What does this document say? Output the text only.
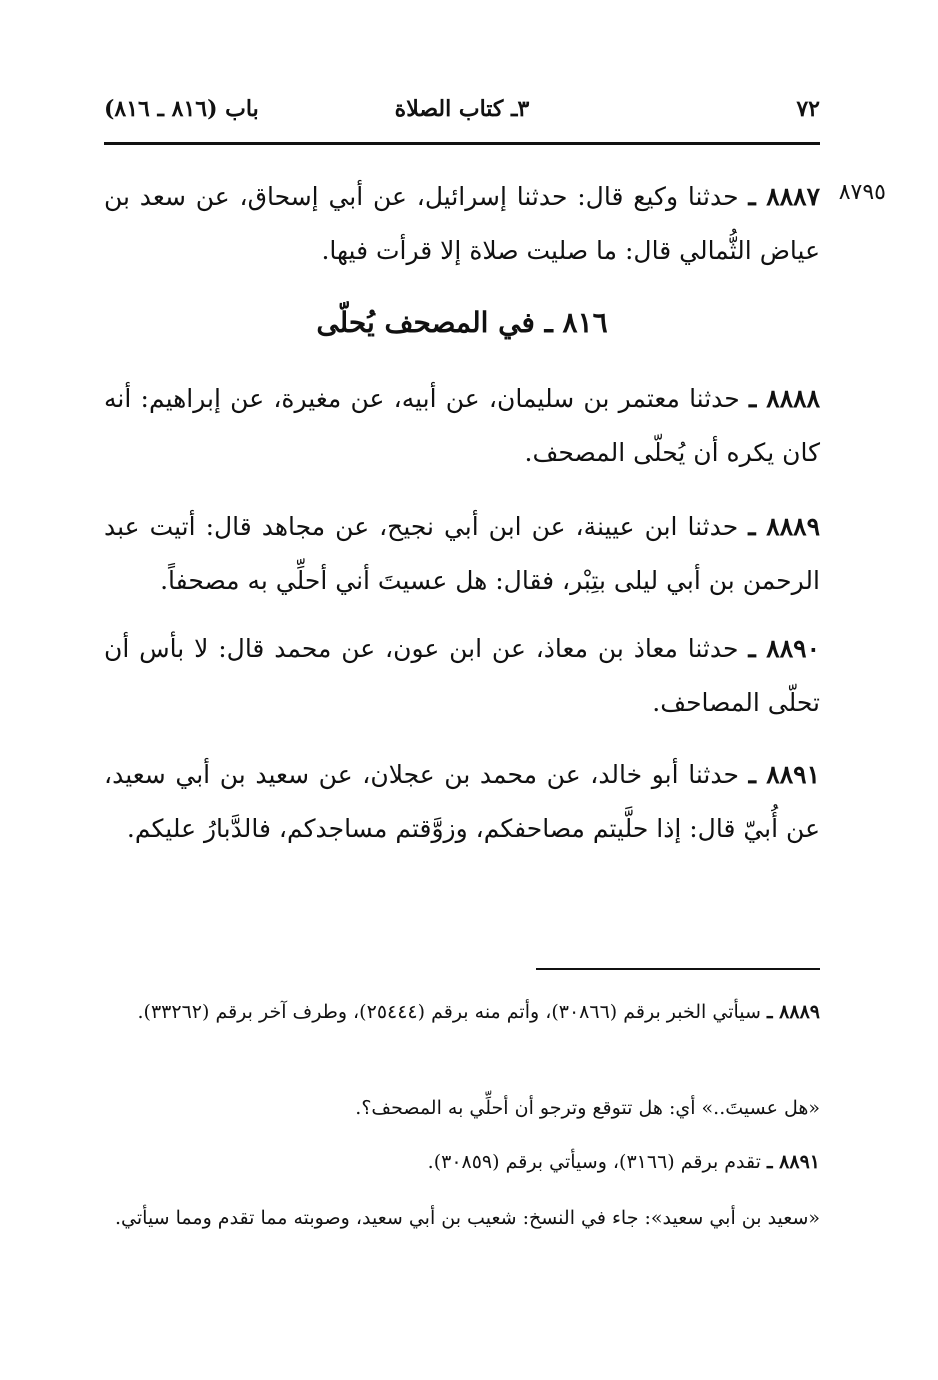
٧٢
٣ـ كتاب الصلاة
باب (٨١٦ ـ ٨١٦)
٨٧٩٥
٨٨٨٧ ـ حدثنا وكيع قال: حدثنا إسرائيل، عن أبي إسحاق، عن سعد بن عياض الثُّمالي قال: ما صليت صلاة إلا قرأت فيها.
٨١٦ ـ في المصحف يُحلّى
٨٨٨٨ ـ حدثنا معتمر بن سليمان، عن أبيه، عن مغيرة، عن إبراهيم: أنه كان يكره أن يُحلّى المصحف.
٨٨٨٩ ـ حدثنا ابن عيينة، عن ابن أبي نجيح، عن مجاهد قال: أتيت عبد الرحمن بن أبي ليلى بتِبْر، فقال: هل عسيتَ أني أحلِّي به مصحفاً.
٨٨٩٠ ـ حدثنا معاذ بن معاذ، عن ابن عون، عن محمد قال: لا بأس أن تحلّى المصاحف.
٨٨٩١ ـ حدثنا أبو خالد، عن محمد بن عجلان، عن سعيد بن أبي سعيد، عن أُبيّ قال: إذا حلَّيتم مصاحفكم، وزوَّقتم مساجدكم، فالدَّبارُ عليكم.
٨٨٨٩ ـ سيأتي الخبر برقم (٣٠٨٦٦)، وأتم منه برقم (٢٥٤٤٤)، وطرف آخر برقم (٣٣٢٦٢).
«هل عسيتَ..» أي: هل تتوقع وترجو أن أحلِّي به المصحف؟.
٨٨٩١ ـ تقدم برقم (٣١٦٦)، وسيأتي برقم (٣٠٨٥٩).
«سعيد بن أبي سعيد»: جاء في النسخ: شعيب بن أبي سعيد، وصوبته مما تقدم ومما سيأتي.
